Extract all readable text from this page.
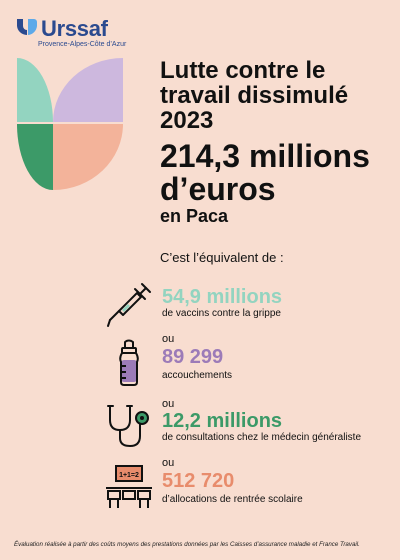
Urssaf
Provence-Alpes-Côte d’Azur
Lutte contre le
travail dissimulé
2023
214,3 millions
d’euros
en Paca
C’est l’équivalent de :
54,9 millions
de vaccins contre la grippe
ou
89 299
accouchements
ou
12,2 millions
de consultations chez le médecin généraliste
ou
1+1=2 512 720
d’allocations de rentrée scolaire
Évaluation réalisée à partir des coûts moyens des prestations données par les Caisses d’assurance maladie et France Travail.
